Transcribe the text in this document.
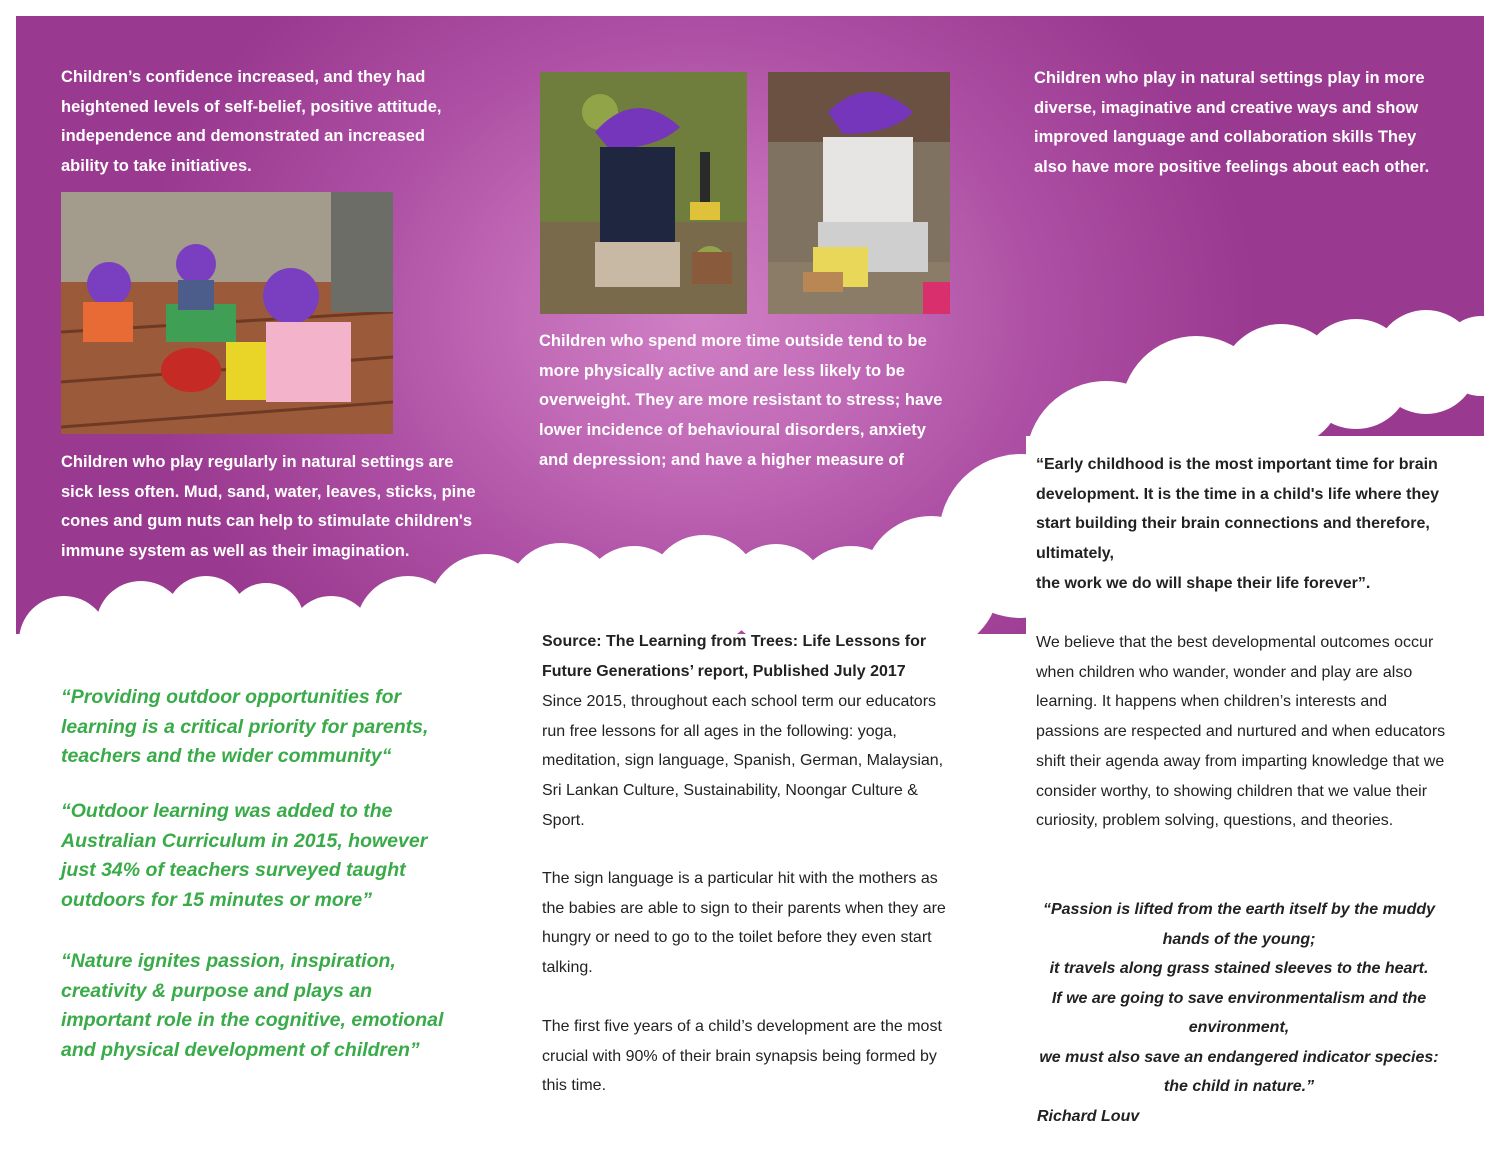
Children’s confidence increased, and they had heightened levels of self-belief, positive attitude, independence and demonstrated an increased ability to take initiatives.

Children who play regularly in natural settings are sick less often. Mud, sand, water, leaves, sticks, pine cones and gum nuts can help to stimulate children's immune system as well as their imagination.

“Providing outdoor opportunities for learning is a critical priority for parents, teachers and the wider community“

“Outdoor learning was added to the Australian Curriculum in 2015, however just 34% of teachers surveyed taught outdoors for 15 minutes or more”

“Nature ignites passion, inspiration, creativity & purpose and plays an important role in the cognitive, emotional and physical development of children”

Children who spend more time outside tend to be more physically active and are less likely to be overweight. They are more resistant to stress; have lower incidence of behavioural disorders, anxiety and depression; and have a higher measure of

Source: The Learning from Trees: Life Lessons for Future Generations’ report, Published July 2017

Since 2015, throughout each school term our educators run free lessons for all ages in the following: yoga, meditation, sign language, Spanish, German, Malaysian, Sri Lankan Culture, Sustainability, Noongar Culture & Sport.

The sign language is a particular hit with the mothers as the babies are able to sign to their parents when they are hungry or need to go to the toilet before they even start talking.

The first five years of a child’s development are the most crucial with 90% of their brain synapsis being formed by this time.

Children who play in natural settings play in more diverse, imaginative and creative ways and show improved language and collaboration skills They also have more positive feelings about each other.

“Early childhood is the most important time for brain development. It is the time in a child's life where they start building their brain connections and therefore, ultimately,

the work we do will shape their life forever”.

We believe that the best developmental outcomes occur when children who wander, wonder and play are also learning. It happens when children’s interests and passions are respected and nurtured and when educators shift their agenda away from imparting knowledge that we consider worthy, to showing children that we value their curiosity, problem solving, questions, and theories.

“Passion is lifted from the earth itself by the muddy hands of the young;
it travels along grass stained sleeves to the heart.
If we are going to save environmentalism and the environment,
we must also save an endangered indicator species: the child in nature.”

Richard Louv
